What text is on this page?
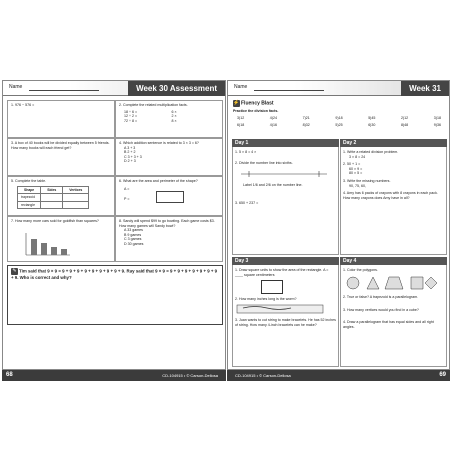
Name	Week 30 Assessment
1. 976 − 576 =	2. Complete the related multiplication facts.
18 ÷ 6 =	6 ×
12 ÷ 2 =	2 ×
72 ÷ 8 =	8 ×
3. A box of 40 books will be divided equally between 5 friends. How many books will each friend get?
4. Which addition sentence is related to 3 × 3 = 6?
A 3 + 3
B 2 + 2
C 3 + 3 + 3
D 2 + 3
5. Complete the table.
Shape	Sides	Vertices
trapezoid		
rectangle		
6. What are the area and perimeter of the shape?
A =
P =
7. How many more cars sold for goldfish than squares?	8. Sandy will spend $99 to go bowling. Each game costs $3. How many games will Sandy bowl?
A 33 games
B 9 games
C 3 games
D 30 games
✎ Tim said that 9 × 9 = 9 + 9 + 9 + 9 + 9 + 9 + 9 + 9 + 9. Ray said that 9 × 9 = 9 + 9 + 9 + 9 + 9 + 9 + 9 + 9. Who is correct and why?
Name	Week 31
⚡ Fluency Blast
Practice the division facts.
3)12	4)24	7)21	9)18	5)45	2)12	3)18
6)18	4)16	8)32	5)25	6)30	8)48	9)36
Day 1
1. 5 × 8 = 4 ×
2. Divide the number line into sixths.
Label 1/6 and 2/6 on the number line.
3. 650 + 237 =
Day 2
1. Write a related division problem.
3 × 8 = 24
2. 50 + 1 =
60 × 9 =
80 × 5 =
3. Write the missing numbers.
90, 75, 60,
4. Amy has 6 packs of crayons with 8 crayons in each pack. How many crayons does Amy have in all?
Day 3
1. Draw square units to show the area of the rectangle. A = ____ square centimeters
2. How many inches long is the worm?
3. Juan wants to cut string to make bracelets. He has 52 inches of string. How many 4-inch bracelets can he make?
Day 4
1. Color the polygons.
2. True or false? A trapezoid is a parallelogram.
3. How many vertices would you find in a cube?
4. Draw a parallelogram that has equal sides and all right angles.
68	CD-104915 • © Carson-Dellosa	CD-104915 • © Carson-Dellosa	69
